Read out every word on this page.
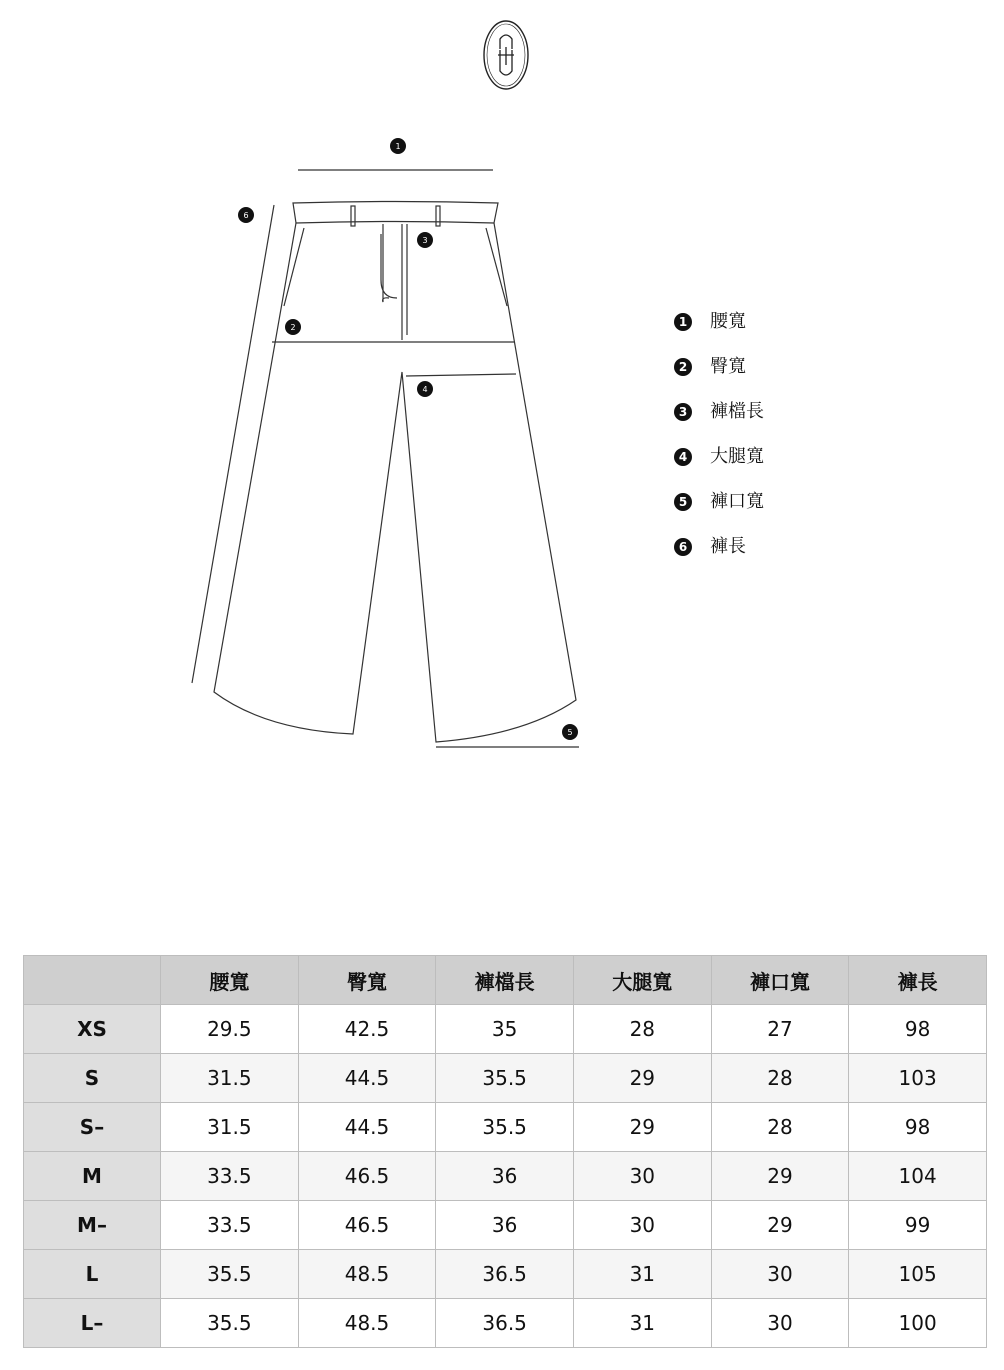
1
2
3
4
5
6
1 腰寬
2 臀寬
3 褲檔長
4 大腿寬
5 褲口寬
6 褲長
	腰寬	臀寬	褲檔長	大腿寬	褲口寬	褲長
XS	29.5	42.5	35	28	27	98
S	31.5	44.5	35.5	29	28	103
S–	31.5	44.5	35.5	29	28	98
M	33.5	46.5	36	30	29	104
M–	33.5	46.5	36	30	29	99
L	35.5	48.5	36.5	31	30	105
L–	35.5	48.5	36.5	31	30	100
